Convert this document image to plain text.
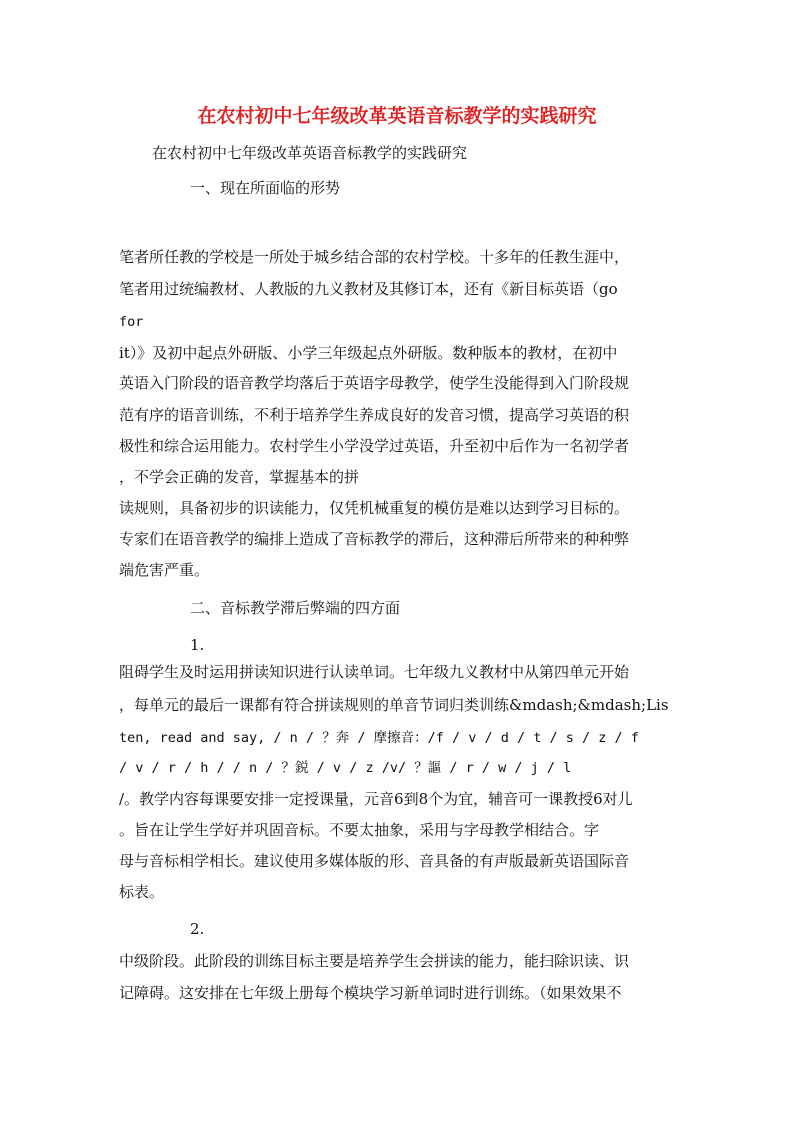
在农村初中七年级改革英语音标教学的实践研究
在农村初中七年级改革英语音标教学的实践研究
一、现在所面临的形势
笔者所任教的学校是一所处于城乡结合部的农村学校。十多年的任教生涯中，
笔者用过统编教材、人教版的九义教材及其修订本，还有《新目标英语（go
for
it）》及初中起点外研版、小学三年级起点外研版。数种版本的教材，在初中
英语入门阶段的语音教学均落后于英语字母教学，使学生没能得到入门阶段规
范有序的语音训练，不利于培养学生养成良好的发音习惯，提高学习英语的积
极性和综合运用能力。农村学生小学没学过英语，升至初中后作为一名初学者
，不学会正确的发音，掌握基本的拼
读规则，具备初步的识读能力，仅凭机械重复的模仿是难以达到学习目标的。
专家们在语音教学的编排上造成了音标教学的滞后，这种滞后所带来的种种弊
端危害严重。
二、音标教学滞后弊端的四方面
1.
阻碍学生及时运用拼读知识进行认读单词。七年级九义教材中从第四单元开始
，每单元的最后一课都有符合拼读规则的单音节词归类训练&mdash;&mdash;Lis
ten, read and say, / n / ？奔 / 摩擦音：/f / v / d / t / s / z / f
/ v / r / h / / n / ？鋭 / v / z /v/ ？謳 / r / w / j / l
/。教学内容每课要安排一定授课量，元音6到8个为宜，辅音可一课教授6对儿
。旨在让学生学好并巩固音标。不要太抽象，采用与字母教学相结合。字
母与音标相学相长。建议使用多媒体版的形、音具备的有声版最新英语国际音
标表。
2.
中级阶段。此阶段的训练目标主要是培养学生会拼读的能力，能扫除识读、识
记障碍。这安排在七年级上册每个模块学习新单词时进行训练。（如果效果不
